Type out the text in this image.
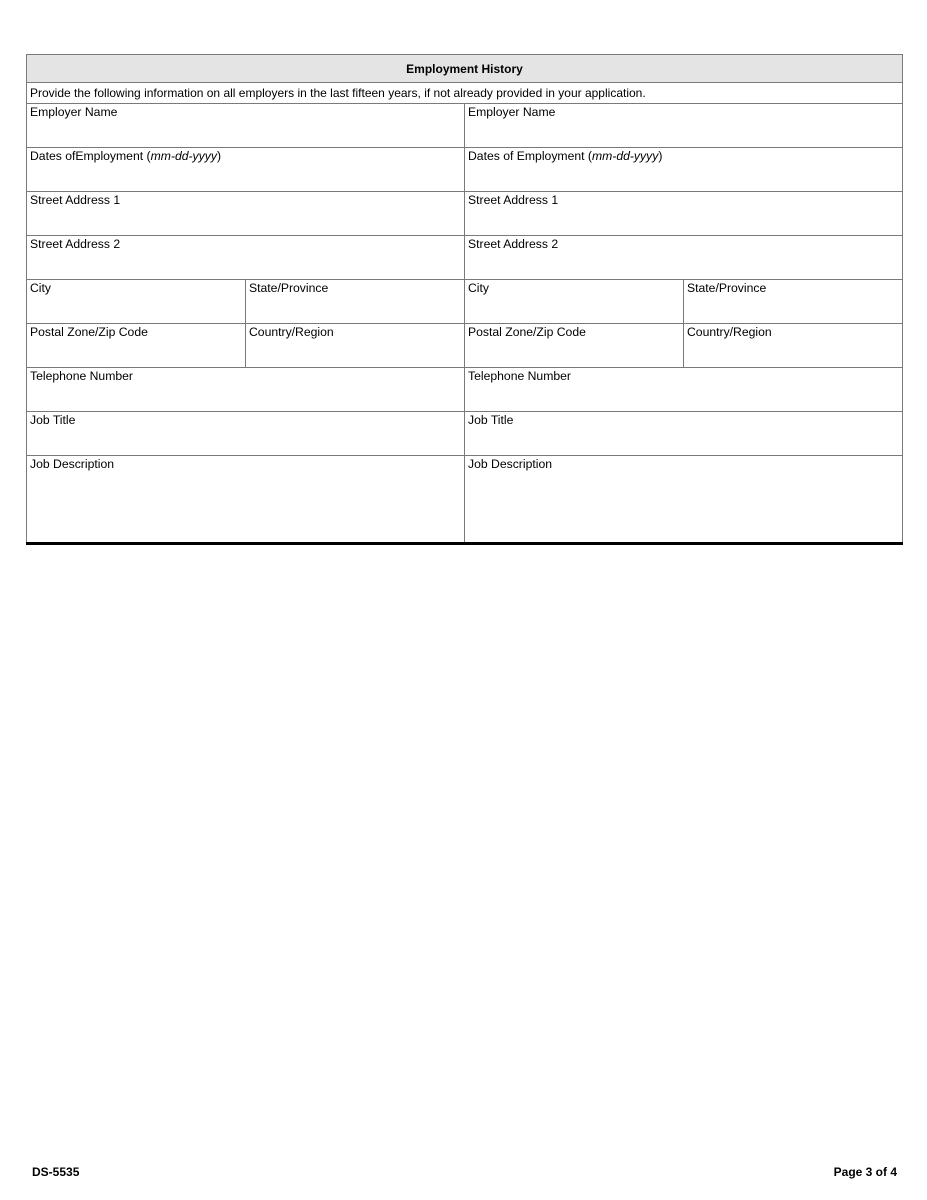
Employment History			
Provide the following information on all employers in the last fifteen years, if not already provided in your application.			

Employer Name		Employer Name	

Dates ofEmployment (mm-dd-yyyy)		Dates of Employment (mm-dd-yyyy)	

Street Address 1		Street Address 1	

Street Address 2		Street Address 2	

City	State/Province	City	State/Province

Postal Zone/Zip Code	Country/Region	Postal Zone/Zip Code	Country/Region

Telephone Number		Telephone Number	

Job Title		Job Title	

Job Description		Job Description	
DS-5535	Page 3 of 4
